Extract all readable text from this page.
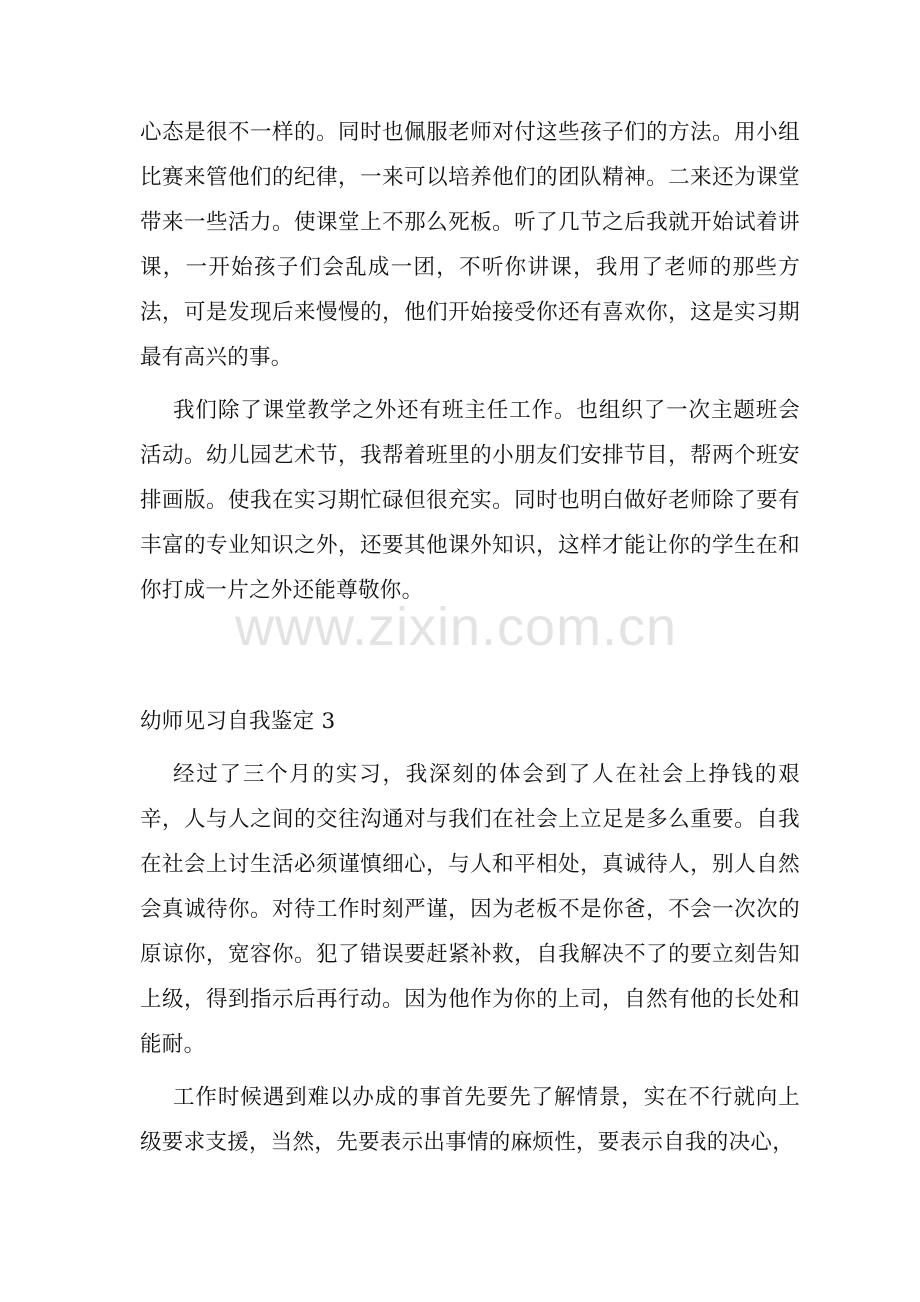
心态是很不一样的。同时也佩服老师对付这些孩子们的方法。用小组比赛来管他们的纪律，一来可以培养他们的团队精神。二来还为课堂带来一些活力。使课堂上不那么死板。听了几节之后我就开始试着讲课，一开始孩子们会乱成一团，不听你讲课，我用了老师的那些方法，可是发现后来慢慢的，他们开始接受你还有喜欢你，这是实习期最有高兴的事。

我们除了课堂教学之外还有班主任工作。也组织了一次主题班会活动。幼儿园艺术节，我帮着班里的小朋友们安排节目，帮两个班安排画版。使我在实习期忙碌但很充实。同时也明白做好老师除了要有丰富的专业知识之外，还要其他课外知识，这样才能让你的学生在和你打成一片之外还能尊敬你。

幼师见习自我鉴定 3

经过了三个月的实习，我深刻的体会到了人在社会上挣钱的艰辛，人与人之间的交往沟通对与我们在社会上立足是多么重要。自我在社会上讨生活必须谨慎细心，与人和平相处，真诚待人，别人自然会真诚待你。对待工作时刻严谨，因为老板不是你爸，不会一次次的原谅你，宽容你。犯了错误要赶紧补救，自我解决不了的要立刻告知上级，得到指示后再行动。因为他作为你的上司，自然有他的长处和能耐。

工作时候遇到难以办成的事首先要先了解情景，实在不行就向上级要求支援，当然，先要表示出事情的麻烦性，要表示自我的决心，

www.zixin.com.cn
